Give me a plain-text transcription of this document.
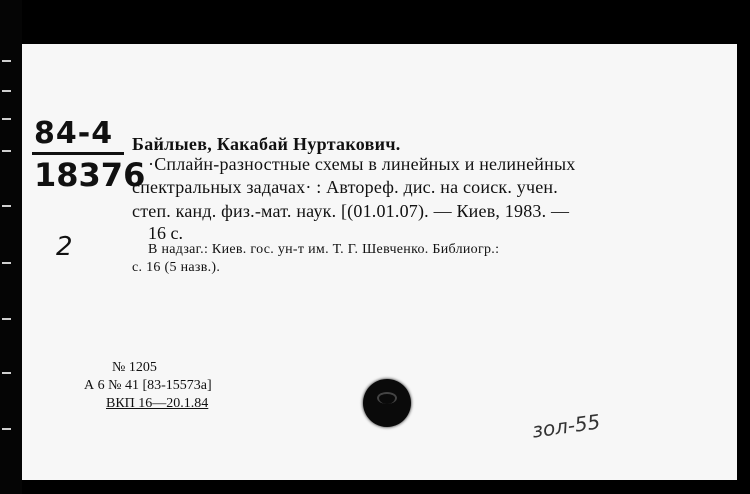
84-4
18376
2
Байлыев, Какабай Нуртакович.
·Сплайн-разностные схемы в линейных и нелинейных
спектральных задачах· : Автореф. дис. на соиск. учен.
степ. канд. физ.-мат. наук. [(01.01.07). — Киев, 1983. —
16 с.
В надзаг.: Киев. гос. ун-т им. Т. Г. Шевченко. Библиогр.:
с. 16 (5 назв.).
№ 1205
А 6 № 41 [83-15573а]
ВКП 16—20.1.84
зол-55
